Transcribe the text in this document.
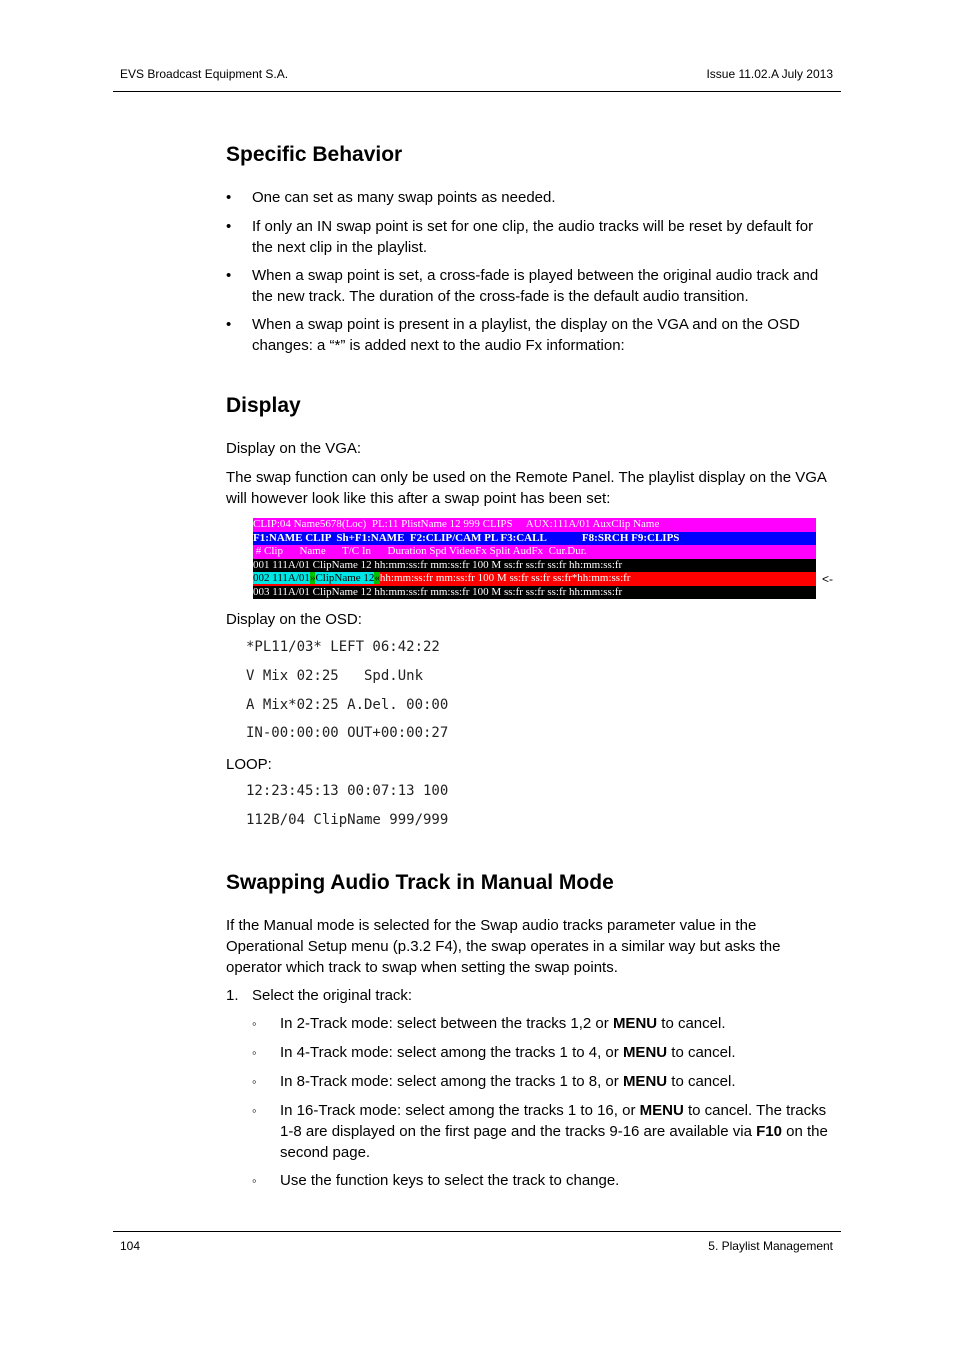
EVS Broadcast Equipment S.A.	Issue 11.02.A July 2013
Specific Behavior
•	One can set as many swap points as needed.
•	If only an IN swap point is set for one clip, the audio tracks will be reset by default for the next clip in the playlist.
•	When a swap point is set, a cross-fade is played between the original audio track and the new track. The duration of the cross-fade is the default audio transition.
•	When a swap point is present in a playlist, the display on the VGA and on the OSD changes: a “*” is added next to the audio Fx information:
Display

Display on the VGA:

The swap function can only be used on the Remote Panel. The playlist display on the VGA will however look like this after a swap point has been set:

CLIP:04 Name5678(Loc)  PL:11 PlistName 12 999 CLIPS     AUX:111A/01 AuxClip Name
F1:NAME CLIP  Sh+F1:NAME  F2:CLIP/CAM PL F3:CALL             F8:SRCH F9:CLIPS
# Clip      Name      T/C In      Duration Spd VideoFx Split AudFx  Cur.Dur.
001 111A/01 ClipName 12 hh:mm:ss:fr mm:ss:fr 100 M ss:fr ss:fr ss:fr hh:mm:ss:fr
002 111A/01»ClipName 12«hh:mm:ss:fr mm:ss:fr 100 M ss:fr ss:fr ss:fr*hh:mm:ss:fr
003 111A/01 ClipName 12 hh:mm:ss:fr mm:ss:fr 100 M ss:fr ss:fr ss:fr hh:mm:ss:fr
<-

Display on the OSD:

*PL11/03* LEFT 06:42:22
V Mix 02:25   Spd.Unk
A Mix*02:25 A.Del. 00:00
IN-00:00:00 OUT+00:00:27

LOOP:

12:23:45:13 00:07:13 100
112B/04 ClipName 999/999
Swapping Audio Track in Manual Mode

If the Manual mode is selected for the Swap audio tracks parameter value in the Operational Setup menu (p.3.2 F4), the swap operates in a similar way but asks the operator which track to swap when setting the swap points.

1. Select the original track:
◦ In 2-Track mode: select between the tracks 1,2 or MENU to cancel.
◦ In 4-Track mode: select among the tracks 1 to 4, or MENU to cancel.
◦ In 8-Track mode: select among the tracks 1 to 8, or MENU to cancel.
◦ In 16-Track mode: select among the tracks 1 to 16, or MENU to cancel. The tracks 1-8 are displayed on the first page and the tracks 9-16 are available via F10 on the second page.
◦ Use the function keys to select the track to change.
104	5. Playlist Management
